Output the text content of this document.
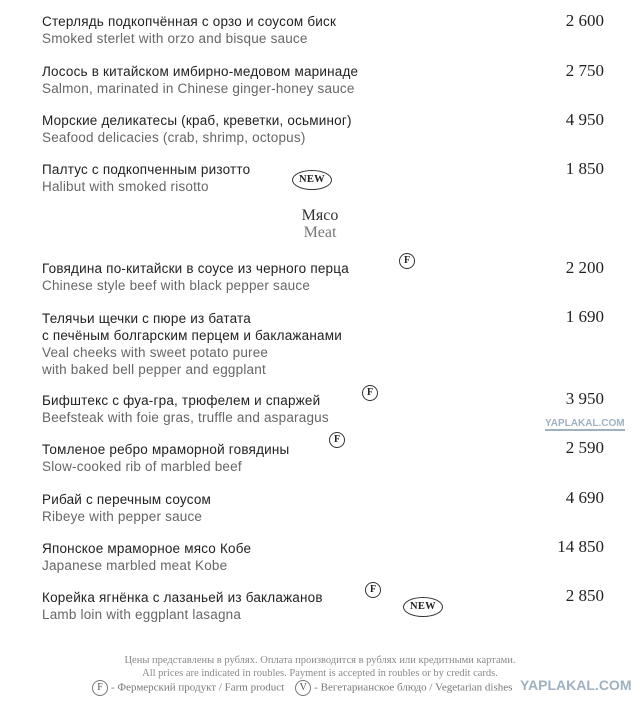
Стерлядь подкопчённая с орзо и соусом биск
Smoked sterlet with orzo and bisque sauce
2 600
Лосось в китайском имбирно-медовом маринаде
Salmon, marinated in Chinese ginger-honey sauce
2 750
Морские деликатесы (краб, креветки, осьминог)
Seafood delicacies (crab, shrimp, octopus)
4 950
Палтус с подкопченным ризотто
Halibut with smoked risotto	NEW
1 850
Мясо
Meat
Говядина по-китайски в соусе из черного перца
Chinese style beef with black pepper sauce
F	2 200
Телячьи щечки с пюре из батата
с печёным болгарским перцем и баклажанами
Veal cheeks with sweet potato puree
with baked bell pepper and eggplant
1 690
Бифштекс с фуа-гра, трюфелем и спаржей
Beefsteak with foie gras, truffle and asparagus
F	3 950
Томленое ребро мраморной говядины
Slow-cooked rib of marbled beef
F	2 590
Рибай с перечным соусом
Ribeye with pepper sauce
4 690
Японское мраморное мясо Кобе
Japanese marbled meat Kobe
14 850
Корейка ягнёнка с лазаньей из баклажанов
Lamb loin with eggplant lasagna
F
NEW
2 850
Цены представлены в рублях. Оплата производится в рублях или кредитными картами.
All prices are indicated in roubles. Payment is accepted in roubles or by credit cards.
F - Фермерский продукт / Farm product V - Вегетарианское блюдо / Vegetarian dishes
YAPLAKAL.COM
YAPLAKAL.COM
